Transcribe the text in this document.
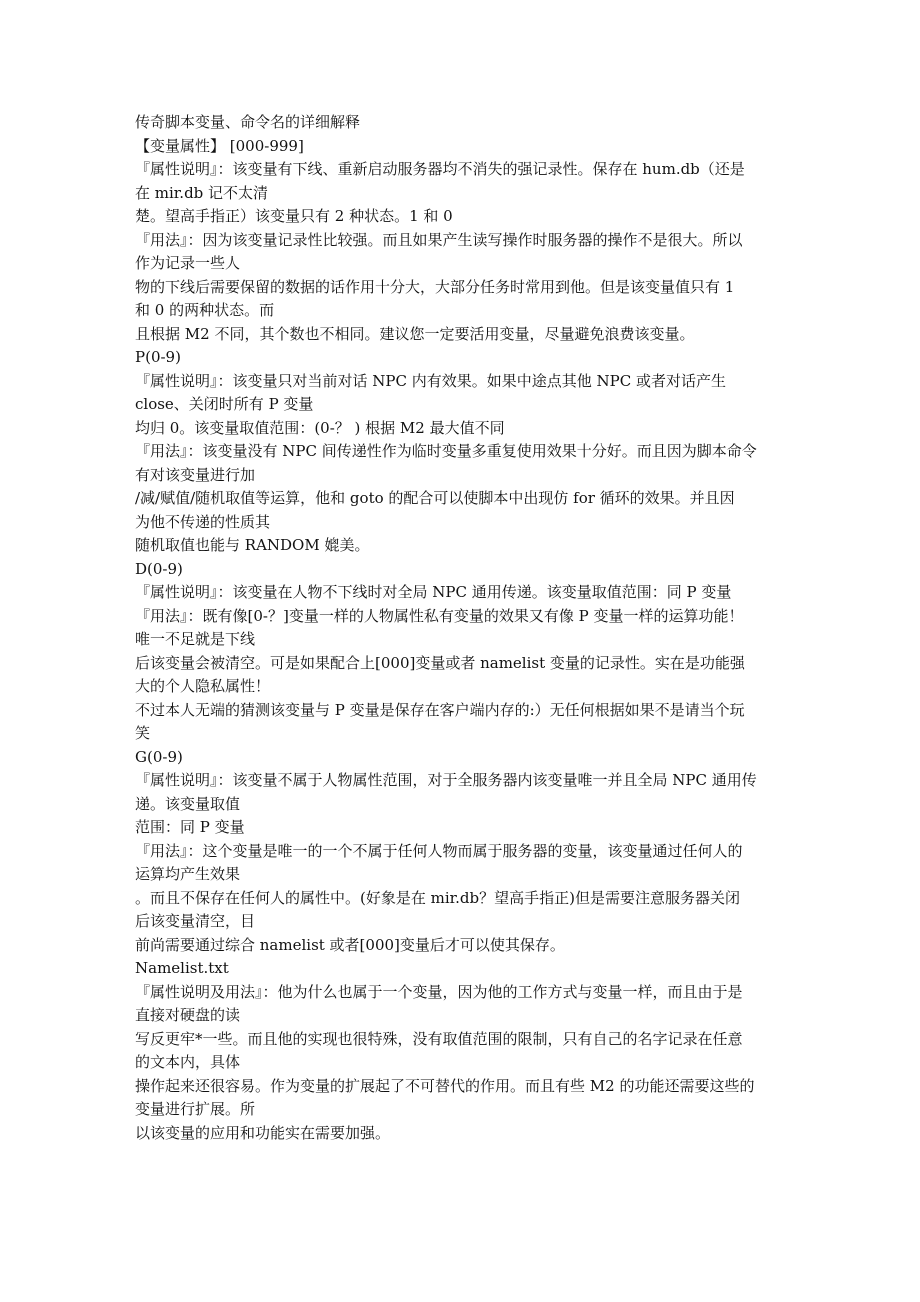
传奇脚本变量、命令名的详细解释
【变量属性】 [000-999]
『属性说明』：该变量有下线、重新启动服务器均不消失的强记录性。保存在 hum.db（还是
在 mir.db 记不太清
楚。望高手指正）该变量只有 2 种状态。1 和 0
『用法』：因为该变量记录性比较强。而且如果产生读写操作时服务器的操作不是很大。所以
作为记录一些人
物的下线后需要保留的数据的话作用十分大，大部分任务时常用到他。但是该变量值只有 1
和 0 的两种状态。而
且根据 M2 不同，其个数也不相同。建议您一定要活用变量，尽量避免浪费该变量。
P(0-9)
『属性说明』：该变量只对当前对话 NPC 内有效果。如果中途点其他 NPC 或者对话产生
close、关闭时所有 P 变量
均归 0。该变量取值范围：(0-？ ) 根据 M2 最大值不同
『用法』：该变量没有 NPC 间传递性作为临时变量多重复使用效果十分好。而且因为脚本命令
有对该变量进行加
/减/赋值/随机取值等运算，他和 goto 的配合可以使脚本中出现仿 for 循环的效果。并且因
为他不传递的性质其
随机取值也能与 RANDOM 媲美。
D(0-9)
『属性说明』：该变量在人物不下线时对全局 NPC 通用传递。该变量取值范围：同 P 变量
『用法』：既有像[0-？]变量一样的人物属性私有变量的效果又有像 P 变量一样的运算功能！
唯一不足就是下线
后该变量会被清空。可是如果配合上[000]变量或者 namelist 变量的记录性。实在是功能强
大的个人隐私属性！
不过本人无端的猜测该变量与 P 变量是保存在客户端内存的:）无任何根据如果不是请当个玩
笑
G(0-9)
『属性说明』：该变量不属于人物属性范围，对于全服务器内该变量唯一并且全局 NPC 通用传
递。该变量取值
范围：同 P 变量
『用法』：这个变量是唯一的一个不属于任何人物而属于服务器的变量，该变量通过任何人的
运算均产生效果
。而且不保存在任何人的属性中。(好象是在 mir.db？望高手指正)但是需要注意服务器关闭
后该变量清空，目
前尚需要通过综合 namelist 或者[000]变量后才可以使其保存。
Namelist.txt
『属性说明及用法』：他为什么也属于一个变量，因为他的工作方式与变量一样，而且由于是
直接对硬盘的读
写反更牢*一些。而且他的实现也很特殊，没有取值范围的限制，只有自己的名字记录在任意
的文本内，具体
操作起来还很容易。作为变量的扩展起了不可替代的作用。而且有些 M2 的功能还需要这些的
变量进行扩展。所
以该变量的应用和功能实在需要加强。
